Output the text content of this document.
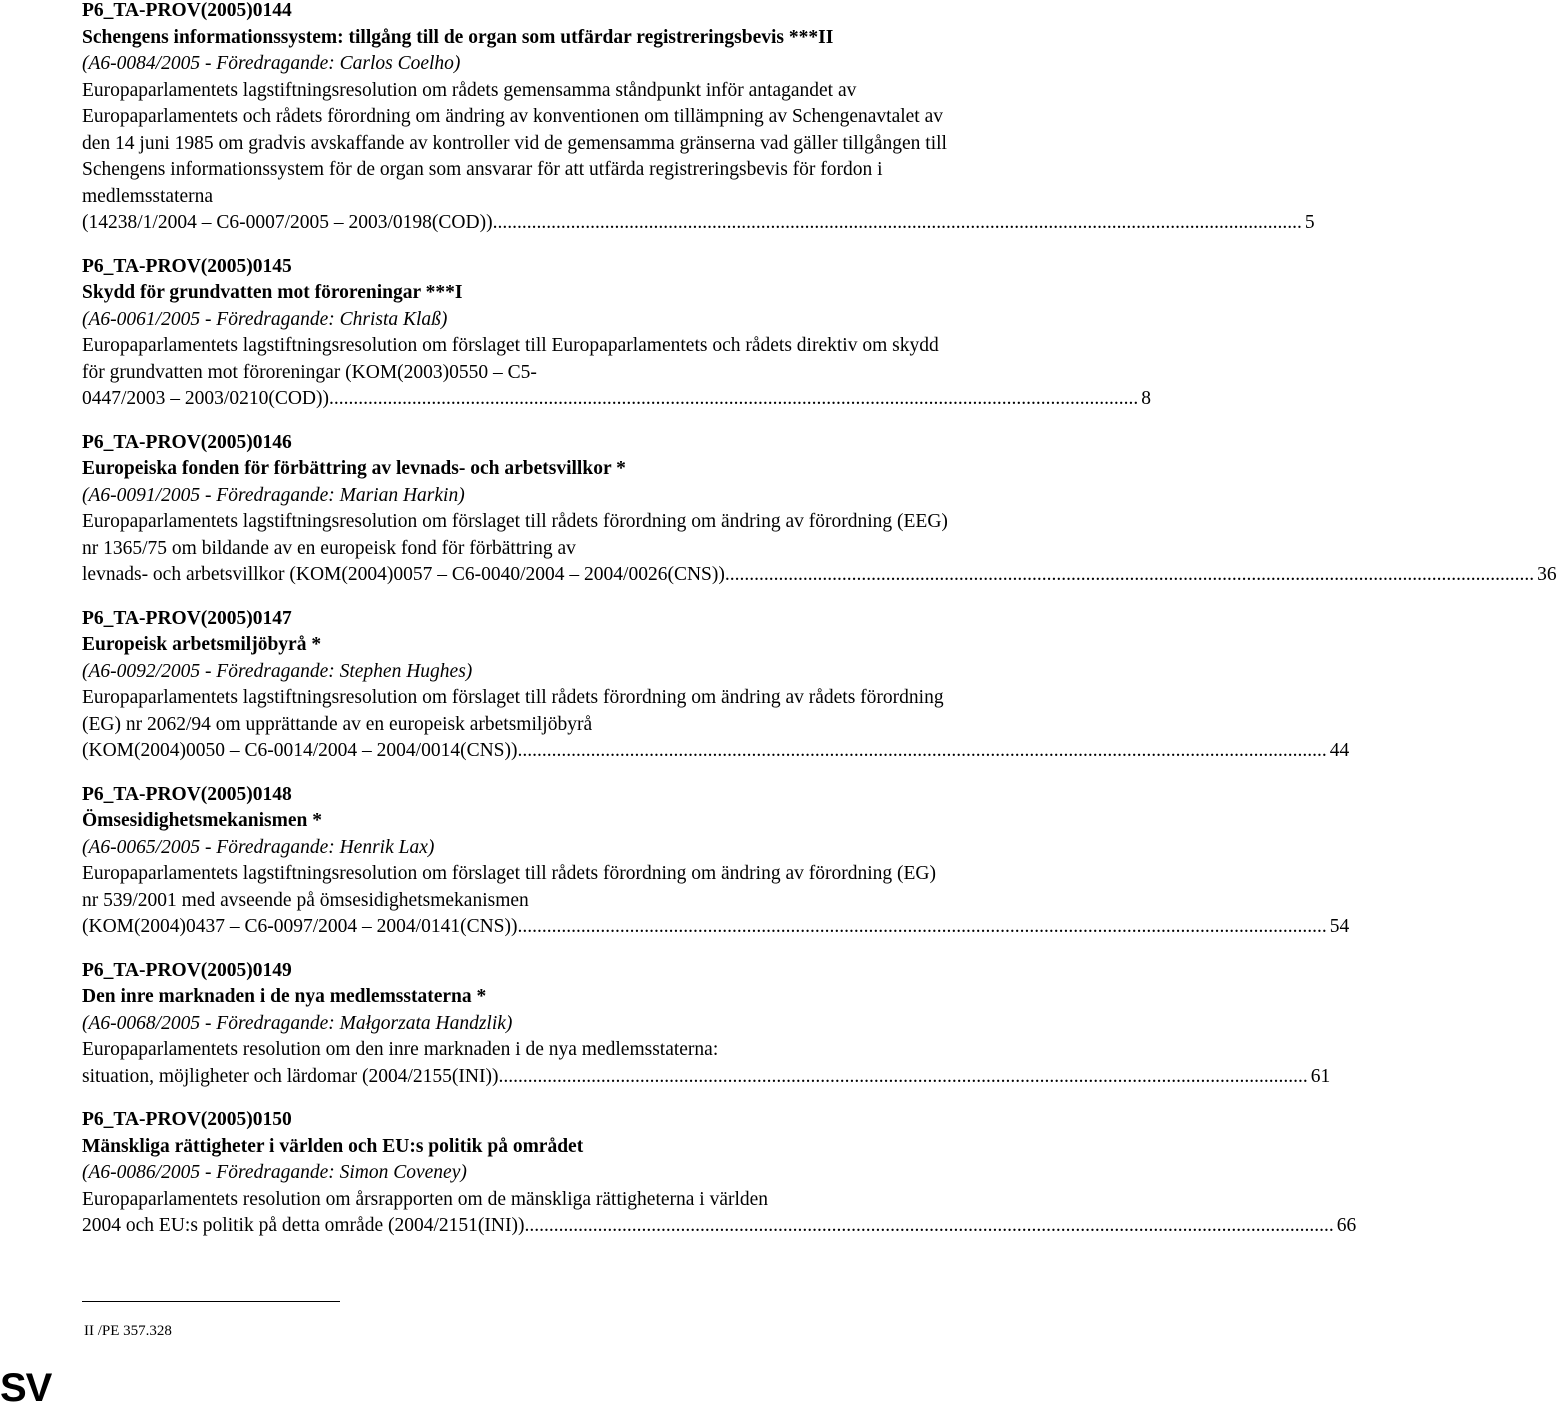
P6_TA-PROV(2005)0144
Schengens informationssystem: tillgång till de organ som utfärdar registreringsbevis ***II
(A6-0084/2005 - Föredragande: Carlos Coelho)
Europaparlamentets lagstiftningsresolution om rådets gemensamma ståndpunkt inför antagandet av Europaparlamentets och rådets förordning om ändring av konventionen om tillämpning av Schengenavtalet av den 14 juni 1985 om gradvis avskaffande av kontroller vid de gemensamma gränserna vad gäller tillgången till Schengens informationssystem för de organ som ansvarar för att utfärda registreringsbevis för fordon i medlemsstaterna
(14238/1/2004 – C6-0007/2005 – 2003/0198(COD)) .....	5
P6_TA-PROV(2005)0145
Skydd för grundvatten mot föroreningar ***I
(A6-0061/2005 - Föredragande: Christa Klaß)
Europaparlamentets lagstiftningsresolution om förslaget till Europaparlamentets och rådets direktiv om skydd för grundvatten mot föroreningar (KOM(2003)0550 – C5-
0447/2003 – 2003/0210(COD)) .....	8
P6_TA-PROV(2005)0146
Europeiska fonden för förbättring av levnads- och arbetsvillkor *
(A6-0091/2005 - Föredragande: Marian Harkin)
Europaparlamentets lagstiftningsresolution om förslaget till rådets förordning om ändring av förordning (EEG) nr 1365/75 om bildande av en europeisk fond för förbättring av
levnads- och arbetsvillkor (KOM(2004)0057 – C6-0040/2004 – 2004/0026(CNS)) .....	36
P6_TA-PROV(2005)0147
Europeisk arbetsmiljöbyrå *
(A6-0092/2005 - Föredragande: Stephen Hughes)
Europaparlamentets lagstiftningsresolution om förslaget till rådets förordning om ändring av rådets förordning (EG) nr 2062/94 om upprättande av en europeisk arbetsmiljöbyrå
(KOM(2004)0050 – C6-0014/2004 – 2004/0014(CNS)) .....	44
P6_TA-PROV(2005)0148
Ömsesidighetsmekanismen *
(A6-0065/2005 - Föredragande: Henrik Lax)
Europaparlamentets lagstiftningsresolution om förslaget till rådets förordning om ändring av förordning (EG) nr 539/2001 med avseende på ömsesidighetsmekanismen
(KOM(2004)0437 – C6-0097/2004 – 2004/0141(CNS)) .....	54
P6_TA-PROV(2005)0149
Den inre marknaden i de nya medlemsstaterna *
(A6-0068/2005 - Föredragande: Małgorzata Handzlik)
Europaparlamentets resolution om den inre marknaden i de nya medlemsstaterna:
situation, möjligheter och lärdomar (2004/2155(INI)) .....	61
P6_TA-PROV(2005)0150
Mänskliga rättigheter i världen och EU:s politik på området
(A6-0086/2005 - Föredragande: Simon Coveney)
Europaparlamentets resolution om årsrapporten om de mänskliga rättigheterna i världen
2004 och EU:s politik på detta område (2004/2151(INI)) .....	66
II /PE 357.328
SV
